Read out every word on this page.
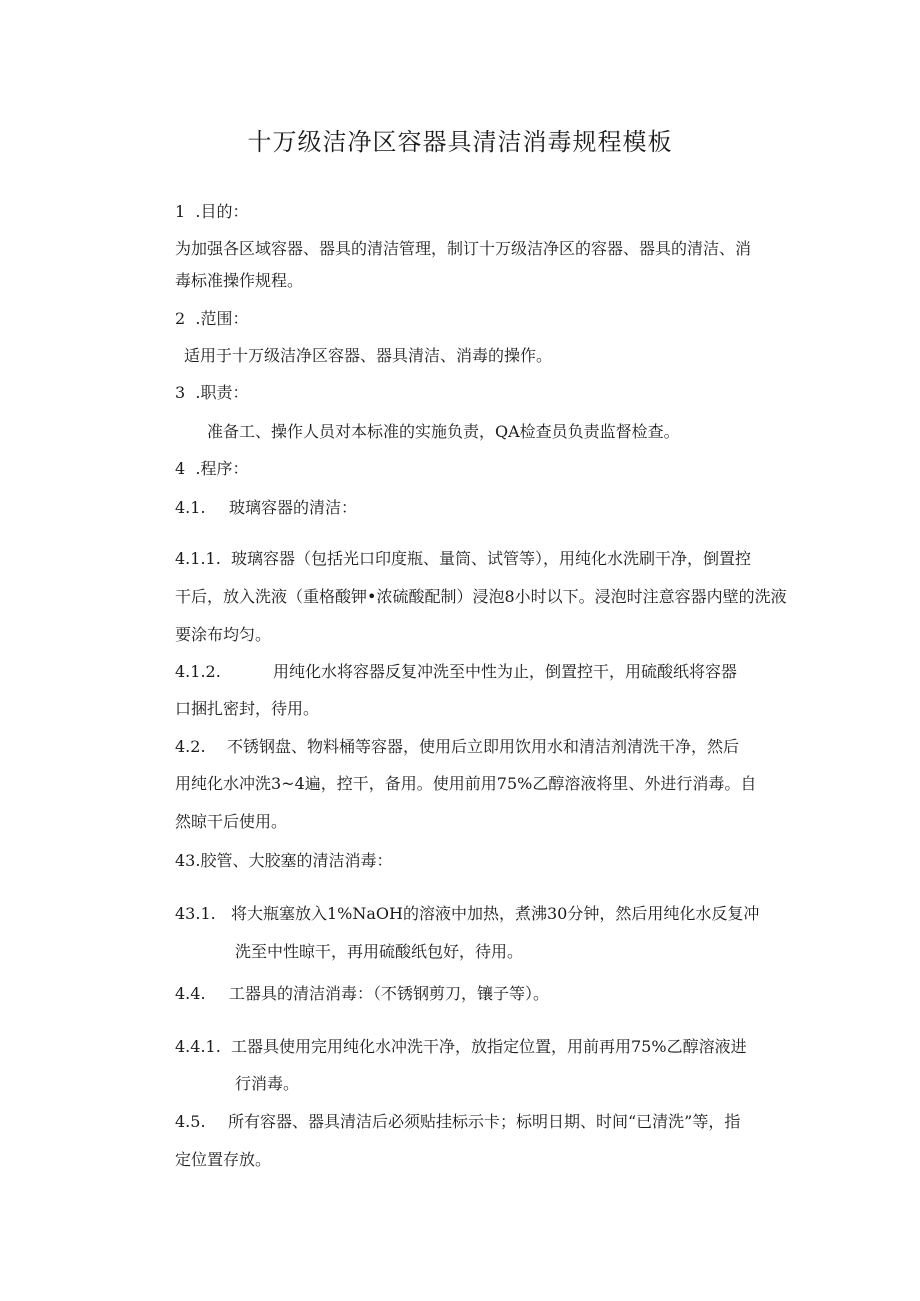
十万级洁净区容器具清洁消毒规程模板
1  .目的：
为加强各区域容器、器具的清洁管理，制订十万级洁净区的容器、器具的清洁、消
毒标准操作规程。
2  .范围：
适用于十万级洁净区容器、器具清洁、消毒的操作。
3  .职责：
准备工、操作人员对本标准的实施负责，QA检查员负责监督检查。
4  .程序：
4.1. 玻璃容器的清洁：
4.1.1. 玻璃容器（包括光口印度瓶、量筒、试管等），用纯化水洗刷干净，倒置控
干后，放入洗液（重格酸钾•浓硫酸配制）浸泡8小时以下。浸泡时注意容器内壁的洗液
要涂布均匀。
4.1.2.	用纯化水将容器反复冲洗至中性为止，倒置控干，用硫酸纸将容器
口捆扎密封，待用。
4.2. 不锈钢盘、物料桶等容器，使用后立即用饮用水和清洁剂清洗干净，然后
用纯化水冲洗3~4遍，控干，备用。使用前用75%乙醇溶液将里、外进行消毒。自
然晾干后使用。
43.胶管、大胶塞的清洁消毒：
43.1. 将大瓶塞放入1%NaOH的溶液中加热，煮沸30分钟，然后用纯化水反复冲
洗至中性晾干，再用硫酸纸包好，待用。
4.4. 工器具的清洁消毒：（不锈钢剪刀，镶子等）。
4.4.1. 工器具使用完用纯化水冲洗干净，放指定位置，用前再用75%乙醇溶液进
行消毒。
4.5. 所有容器、器具清洁后必须贴挂标示卡；标明日期、时间“已清洗”等，指
定位置存放。
